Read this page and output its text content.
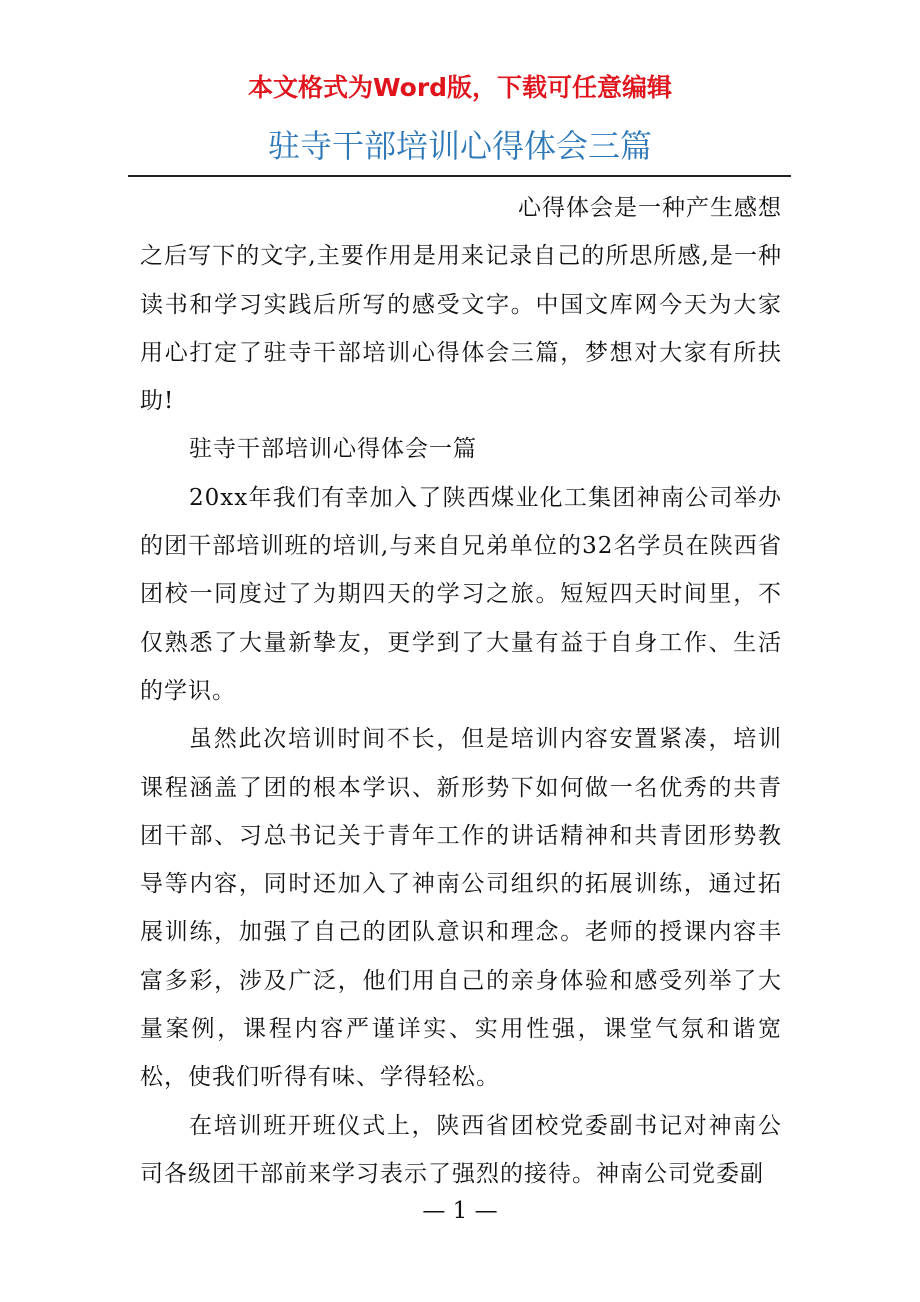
本文格式为Word版，下载可任意编辑
驻寺干部培训心得体会三篇

心得体会是一种产生感想

之后写下的文字,主要作用是用来记录自己的所思所感,是一种读书和学习实践后所写的感受文字。中国文库网今天为大家用心打定了驻寺干部培训心得体会三篇，梦想对大家有所扶助!

驻寺干部培训心得体会一篇

20xx年我们有幸加入了陕西煤业化工集团神南公司举办的团干部培训班的培训,与来自兄弟单位的32名学员在陕西省团校一同度过了为期四天的学习之旅。短短四天时间里，不仅熟悉了大量新挚友，更学到了大量有益于自身工作、生活的学识。

虽然此次培训时间不长，但是培训内容安置紧凑，培训课程涵盖了团的根本学识、新形势下如何做一名优秀的共青团干部、习总书记关于青年工作的讲话精神和共青团形势教导等内容，同时还加入了神南公司组织的拓展训练，通过拓展训练，加强了自己的团队意识和理念。老师的授课内容丰富多彩，涉及广泛，他们用自己的亲身体验和感受列举了大量案例，课程内容严谨详实、实用性强，课堂气氛和谐宽松，使我们听得有味、学得轻松。

在培训班开班仪式上，陕西省团校党委副书记对神南公司各级团干部前来学习表示了强烈的接待。神南公司党委副

— 1 —
